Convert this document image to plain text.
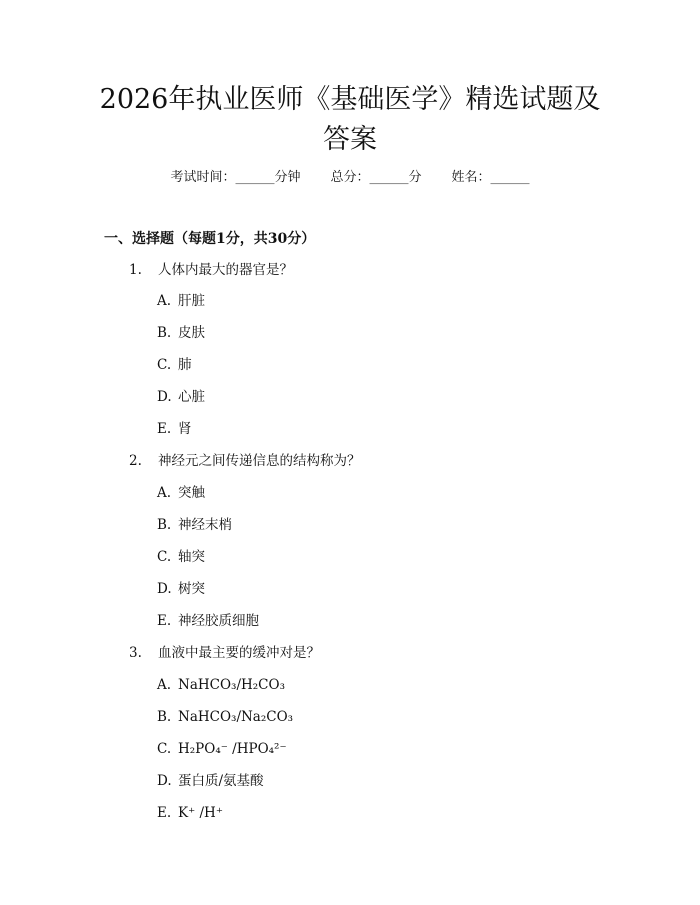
2026年执业医师《基础医学》精选试题及答案
考试时间：______分钟 总分：______分 姓名：______
一、选择题（每题1分，共30分）
1. 人体内最大的器官是？
A. 肝脏
B. 皮肤
C. 肺
D. 心脏
E. 肾
2. 神经元之间传递信息的结构称为？
A. 突触
B. 神经末梢
C. 轴突
D. 树突
E. 神经胶质细胞
3. 血液中最主要的缓冲对是？
A. NaHCO₃/H₂CO₃
B. NaHCO₃/Na₂CO₃
C. H₂PO₄⁻ /HPO₄²⁻
D. 蛋白质/氨基酸
E. K⁺ /H⁺
